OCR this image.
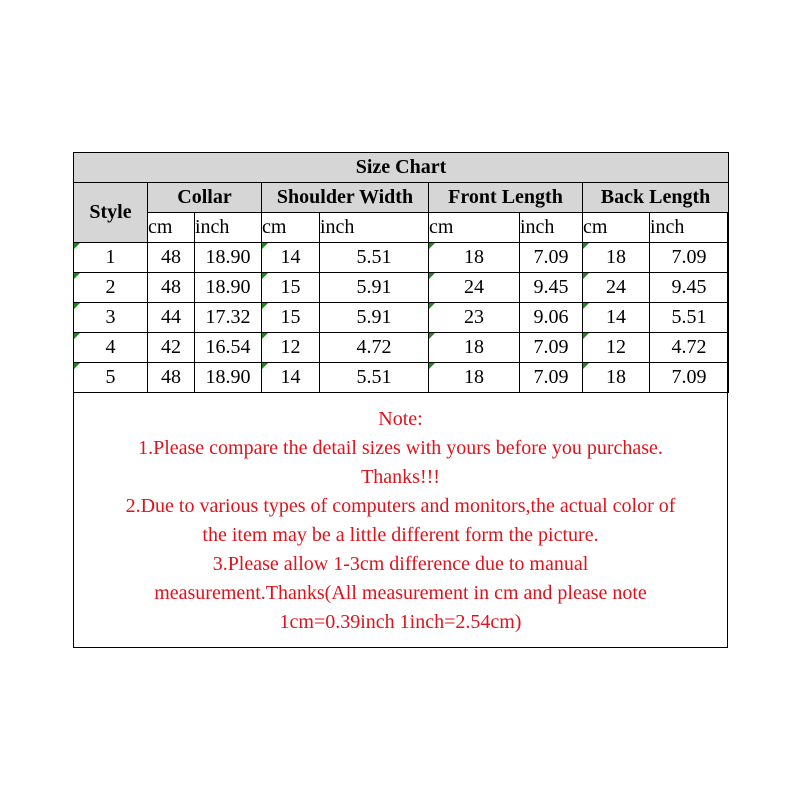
Size Chart								
Style	Collar		Shoulder Width		Front Length		Back Length	
	cm	inch	cm	inch	cm	inch	cm	inch
1	48	18.90	14	5.51	18	7.09	18	7.09
2	48	18.90	15	5.91	24	9.45	24	9.45
3	44	17.32	15	5.91	23	9.06	14	5.51
4	42	16.54	12	4.72	18	7.09	12	4.72
5	48	18.90	14	5.51	18	7.09	18	7.09
Note:
1.Please compare the detail sizes with yours before you purchase.
Thanks!!!
2.Due to various types of computers and monitors,the actual color of
the item may be a little different form the picture.
3.Please allow 1-3cm difference due to manual
measurement.Thanks(All measurement in cm and please note
1cm=0.39inch 1inch=2.54cm)
